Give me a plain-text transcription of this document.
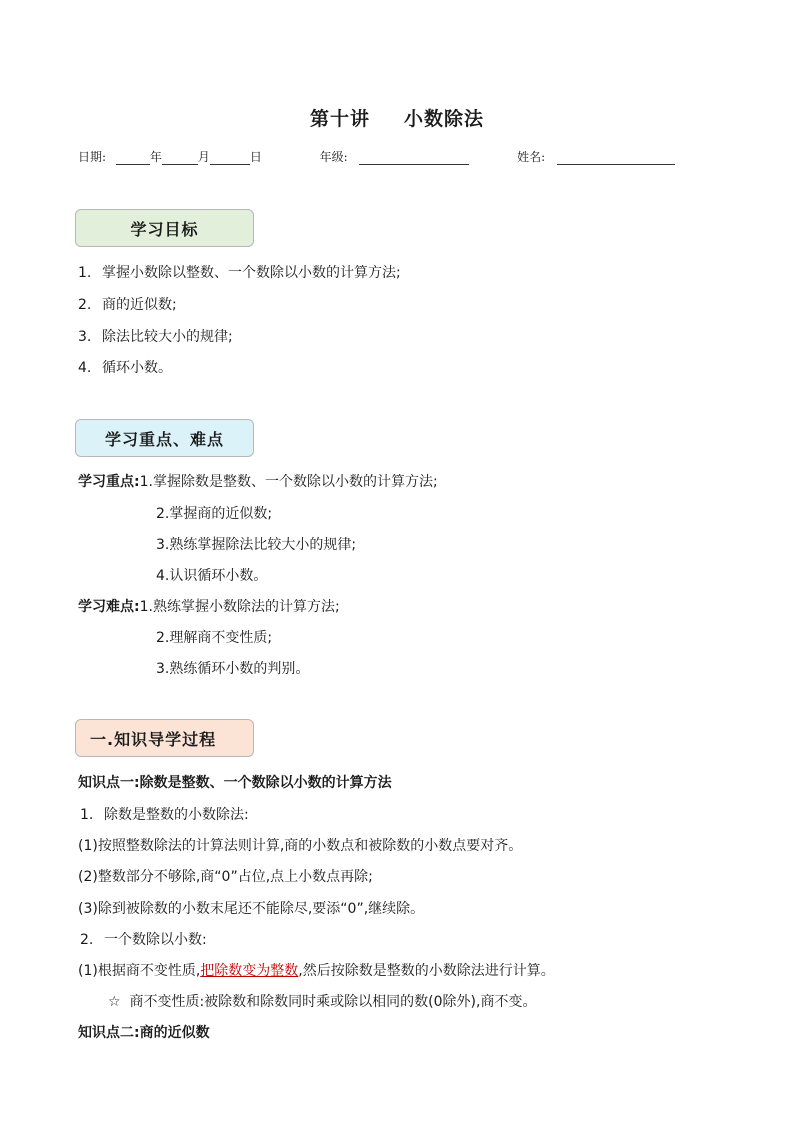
第十讲 小数除法
日期:	年	月	日	年级:	姓名:
学习目标
1. 掌握小数除以整数、一个数除以小数的计算方法;
2. 商的近似数;
3. 除法比较大小的规律;
4. 循环小数。
学习重点、难点
学习重点:1.掌握除数是整数、一个数除以小数的计算方法;
2.掌握商的近似数;
3.熟练掌握除法比较大小的规律;
4.认识循环小数。
学习难点:1.熟练掌握小数除法的计算方法;
2.理解商不变性质;
3.熟练循环小数的判别。
一.知识导学过程
知识点一:除数是整数、一个数除以小数的计算方法
1. 除数是整数的小数除法:
(1)按照整数除法的计算法则计算,商的小数点和被除数的小数点要对齐。
(2)整数部分不够除,商“0”占位,点上小数点再除;
(3)除到被除数的小数末尾还不能除尽,要添“0”,继续除。
2. 一个数除以小数:
(1)根据商不变性质,把除数变为整数,然后按除数是整数的小数除法进行计算。
☆ 商不变性质:被除数和除数同时乘或除以相同的数(0除外),商不变。
知识点二:商的近似数
